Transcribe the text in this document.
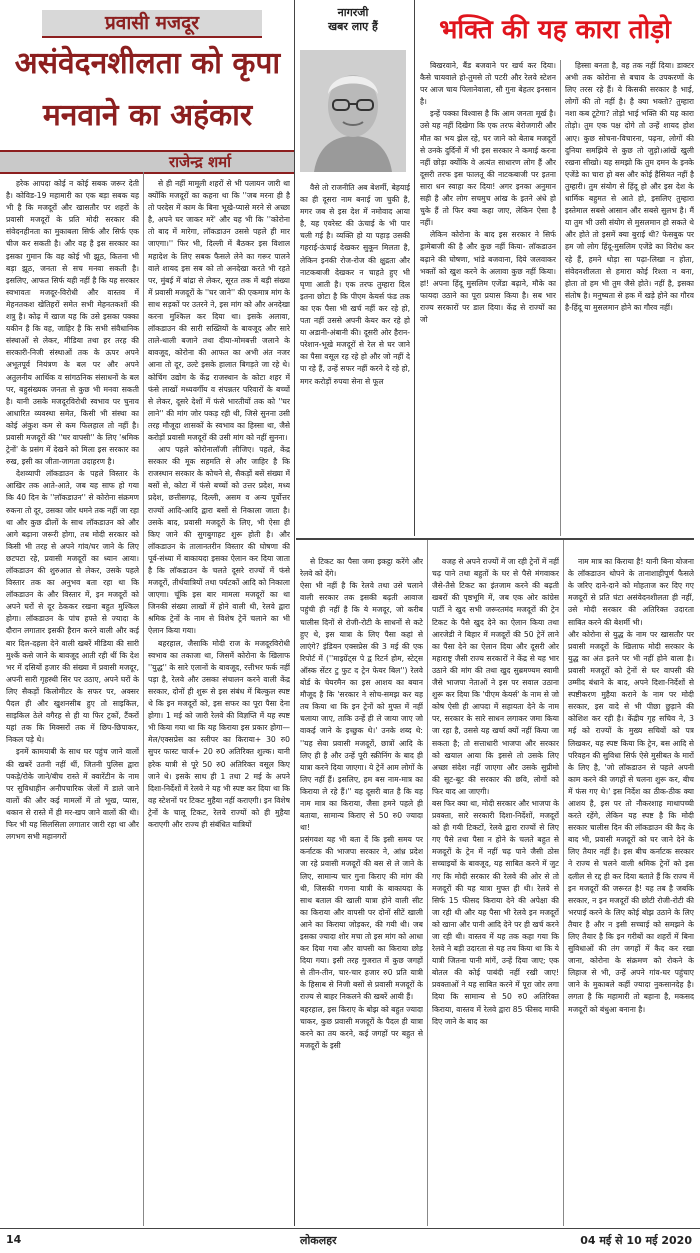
प्रवासी मजदूर
असंवेदनशीलता को कृपा
मनवाने का अहंकार
राजेन्द्र शर्मा
नागरजी
खबर लाए हैं	भक्ति की यह कारा तोड़ो

हरेक आपदा कोई न कोई सबक जरूर देती है। कोविड-19 महामारी का एक बड़ा सबक यह भी है कि मजदूरों और खासतौर पर शहरों के प्रवासी मजदूरों के प्रति मोदी सरकार की संवेदनहीनता का मुकाबला सिर्फ और सिर्फ एक चीज कर सकती है। और वह है इस सरकार का इसका गुमान कि वह कोई भी झूठ, कितना भी बड़ा झूठ, जनता से सच मनवा सकती है। इसलिए, आफत सिर्फ यही नहीं है कि यह सरकार स्वभावतः मजदूर-विरोधी और वास्तव में मेहनतकश खेतिहरों समेत सभी मेहनतकशों की शत्रु है। कोढ़ में खाज यह कि उसे इसका पक्का यकीन है कि वह, जाहिर है कि सभी संवैधानिक संस्थाओं से लेकर, मीडिया तथा हर तरह की सरकारी-निजी संस्थाओं तक के ऊपर अपने अभूतपूर्व नियंत्रण के बल पर और अपने अतुलनीय आर्थिक व सांगठनिक संसाधनों के बल पर, बहुसंख्यक जनता से कुछ भी मनवा सकती है। यानी उसके मजदूरविरोधी स्वभाव पर चुनाव आधारित व्यवस्था समेत, किसी भी संस्था का कोई अंकुश कम से कम फिलहाल तो नहीं है। प्रवासी मजदूरों की ''घर वापसी'' के लिए 'श्रमिक ट्रेनों' के प्रसंग में देखने को मिला इस सरकार का रुख, इसी का जीता-जागता उदाहरण है।

देशव्यापी लॉकडाउन के पहले विस्तार के आखिर तक आते-आते, जब यह साफ हो गया कि 40 दिन के ''लॉकडाउन'' से कोरोना संक्रमण रुकना तो दूर, उसका जोर थमने तक नहीं जा रहा था और कुछ ढीलों के साथ लॉकडाउन को और आगे बढ़ाना जरूरी होगा, तब मोदी सरकार को किसी भी तरह से अपने गांव/घर जाने के लिए छटपटा रहे, प्रवासी मजदूरों का ध्यान आया। लॉकडाउन की शुरुआत से लेकर, उसके पहले विस्तार तक का अनुभव बता रहा था कि लॉकडाउन के और विस्तार में, इन मजदूरों को अपने घरों से दूर ठेककर रखना बहुत मुश्किल होगा। लॉकडाउन के पांच हफ्ते से ज्यादा के दौरान लगातार इसकी हैरान करने वाली और कई बार दिल-दहला देने वाली खबरें मीडिया की सारी मुश्कें कसे जाने के बावजूद आती रही थीं कि देश भर में दसियों हजार की संख्या में प्रवासी मजदूर, अपनी सारी गृहस्थी सिर पर उठाए, अपने घरों के लिए सैकड़ों किलोमीटर के सफर पर, अक्सर पैदल ही और खुशनसीब हुए तो साइकिल, साइकिल ठेले वगैरह से ही या फिर ट्रकों, टैंकरों यहां तक कि मिक्सरों तक में छिप-छिपाकर, निकल पड़े थे।

इनमें कामयाबी के साथ घर पहुंच जाने वालों की खबरें उतनी नहीं थीं, जितनी पुलिस द्वारा पकड़े/रोके जाने/बीच रास्ते में क्वारेंटीन के नाम पर सुविधाहीन अनौपचारिक जेलों में डाले जाने वालों की और कई मामलों में तो भूख, प्यास, थकान से रास्ते में ही मर-खप जाने वालों की थी। फिर भी यह सिलसिला लगातार जारी रहा था और लगभग सभी महानगरों

से ही नहीं मामूली शहरों से भी पलायन जारी था क्योंकि मजदूरों का कहना था कि ''जब मरना ही है तो परदेस में काम के बिना भूखे-प्यासे मरने से अच्छा है, अपने घर जाकर मरें' और यह भी कि ''कोरोना तो बाद में मारेगा, लॉकडाउन उससे पहले ही मार जाएगा।'' फिर भी, दिल्ली में बैठकर इस विशाल महादेश के लिए सबक फैसले लेने का गरूर पालने वाले शायद इस सब को तो अनदेखा करते भी रहते पर, मुंबई में बांद्रा से लेकर, सूरत तक में बड़ी संख्या में प्रवासी मजदूरों के ''घर जाने'' की एकमात्र मांग के साथ सड़कों पर उतरने ने, इस मांग को और अनदेखा करना मुश्किल कर दिया था। इसके अलावा, लॉकडाउन की सारी सख्तियों के बावजूद और सारे ताले-थाली बजाने तथा दीया-मोमबत्ती जलाने के बावजूद, कोरोना की आफत का अभी अंत नजर आना तो दूर, उल्टे इसके हालात बिगड़ते जा रहे थे। कोचिंग उद्योग के केंद्र राजस्थान के कोटा शहर में फंसे लाखों मध्यवर्गीय व संपन्नतर परिवारों के बच्चों से लेकर, दूसरे देशों में फंसे भारतीयों तक को ''घर लाने'' की मांग जोर पकड़ रही थी, जिसे सुनना उसी तरह मौजूदा शासकों के स्वभाव का हिस्सा था, जैसे करोड़ों प्रवासी मजदूरों की उसी मांग को नहीं सुनना।

आप पहले कोरोनालॉजी लीजिए। पहले, केंद्र सरकार की मूक सहमति से और जाहिर है कि राजस्थान सरकार के कोचने से, सैकड़ों बसें संख्या में बसों से, कोटा में फंसे बच्चों को उत्तर प्रदेश, मध्य प्रदेश, छत्तीसगढ़, दिल्ली, असम व अन्य पूर्वोत्तर राज्यों आदि-आदि द्वारा बसों से निकाला जाता है। उसके बाद, प्रवासी मजदूरों के लिए, भी ऐसा ही किए जाने की सुगबुगाहट शुरू होती है। और लॉकडाउन के तालानतरीन विस्तार की घोषणा की पूर्व-संध्या में बाकायदा इसका ऐलान कर दिया जाता है कि लॉकडाउन के चलते दूसरे राज्यों में फंसे मजदूरों, तीर्थयात्रियों तथा पर्यटकों आदि को निकाला जाएगा। चूंकि इस बार मामला मजदूरों का था जिनकी संख्या लाखों में होने वाली थी, रेलवे द्वारा श्रमिक ट्रेनों के नाम से विशेष ट्रेनें चलाने का भी ऐलान किया गया।

बहरहाल, जैसाकि मोदी राज के मजदूरविरोधी स्वभाव का तकाजा था, जिसमें कोरोना के खिलाफ ''युद्ध'' के सारे एलानों के बावजूद, रत्तीभर फर्क नहीं पड़ा है, रेलवे और उसका संचालन करने वाली केंद्र सरकार, दोनों ही शुरू से इस संबंध में बिल्कुल स्पष्ट थे कि इन मजदूरों को, इस सफर का पूरा पैसा देना होगा। 1 मई को जारी रेलवे की विज्ञप्ति में यह स्पष्ट भी किया गया था कि यह किराया इस प्रकार होगा—मेल/एक्सप्रेस का स्लीपर का किराया+ 30 रु0 सुपर फास्ट चार्ज+ 20 रु0 अतिरिक्त शुल्क। यानी हरेक यात्री से पूरे 50 रु0 अतिरिक्त वसूल किए जाने थे। इसके साथ ही 1 तथा 2 मई के अपने दिशा-निर्देशों में रेलवे ने यह भी स्पष्ट कर दिया था कि वह स्टेशनों पर टिकट मुहैया नहीं कराएगी। इन विशेष ट्रेनों के चालू टिकट, रेलवे राज्यों को ही मुहैया कराएगी और राज्य ही संबंधित यात्रियों

वैसे तो राजनीति अब बेशर्मी, बेहयाई का ही दूसरा नाम बनाई जा चुकी है, मगर जब से इस देश में नमोवाद आया है, यह एवरेस्ट की ऊंचाई के भी पार चली गई है। व्यक्ति हो या पहाड़ उसकी गहराई-ऊंचाई देखकर सुकून मिलता है, लेकिन इनकी रोज-रोज की क्षुद्रता और नाटकबाजी देखकर न चाहते हुए भी घृणा आती है। एक तरफ तुम्हारा दिल इतना छोटा है कि पीएम केयर्स फंड तक का एक पैसा भी खर्च नहीं कर रहे हो, पता नहीं उससे अपनी केयर कर रहे हो या अडानी-अंबानी की। दूसरी ओर हैरान-परेशान-भूखे मजदूरों से रेल से घर जाने का पैसा वसूल रह रहे हो और जो नहीं दे पा रहे हैं, उन्हें सफर नहीं करने दे रहे हो, मगर करोड़ों रुपया सेना से फूल

बिखरवाने, बैंड बजवाने पर खर्च कर दिया। कैसे चायवाले हो-तुमसे तो पटरी और रेलवे स्टेशन पर आज चाय पिलानेवाला, सौ गुना बेहतर इनसान है।

इन्हें पक्का विश्वास है कि आम जनता मूर्ख है। उसे यह नहीं दिखेगा कि एक तरफ बेरोजगारी और मौत का भय झेल रहे, घर जाने को बेताब मजदूरों से उनके दुर्दिनों में भी इस सरकार ने कमाई करना नहीं छोड़ा क्योंकि वे अत्यंत साधारण लोग हैं और दूसरी तरफ इस फालतू की नाटकबाजी पर इतना सारा धन स्वाहा कर दिया! अगर इनका अनुमान सही है और लोग सचमुच आंख के इतने अंधे हो चुके हैं तो फिर क्या कहा जाए, लेकिन ऐसा है नहीं।

लेकिन कोरोना के बाद इस सरकार ने सिर्फ ड्रामेबाजी की है और कुछ नहीं किया- लॉकडाउन बढ़ाने की घोषणा, भांडे बजवाना, दिये जलवाकर भक्तों को खुश करने के अलावा कुछ नहीं किया। हां! अपना हिंदू मुसलिम एजेंडा बढ़ाने, मौके का फायदा उठाने का पूरा प्रयास किया है। सब भार राज्य सरकारों पर डाल दिया। केंद्र से राज्यों का जो

हिस्सा बनता है, वह तक नहीं दिया। डाक्टर अभी तक कोरोना से बचाव के उपकरणों के लिए तरस रहे हैं। ये किसकी सरकार है भाई, लोगों की तो नहीं है। है क्या भक्तो? तुम्हारा नशा कब टूटेगा? तोड़ो भाई भक्ति की यह कारा तोड़ो। तुम एक पक्ष दोगे तो उन्हें शायद होश आए। कुछ सोचना-विचारना, पढ़ना, लोगों की दुनिया समझिये से कुछ तो जुड़ो।आंखें खुली रखना सीखो। यह समझो कि तुम दमन के इनके एजेंडे का चारा हो बस और कोई हैसियत नहीं है तुम्हारी। तुम संयोग से हिंदू हो और इस देश के धार्मिक बहुमत से आते हो, इसलिए तुम्हारा इस्तेमाल सबसे आसान और सबसे सुलभ है। मैं या तुम भी उसी संयोग से मुसलमान हो सकते थे और होते तो इसमें क्या बुराई थी? फेसबुक पर हम जो लोग हिंदू-मुसलिम एजेंडे का विरोध कर रहे हैं, हमने थोड़ा सा पढ़ा-लिखा न होता, संवेदनशीलता से हमारा कोई रिश्ता न बना, होता तो हम भी तुम जैसे होते। नहीं है, इसका संतोष है। मनुष्यता से हक में खड़े होने का गौरव है-हिंदू या मुसलमान होने का गौरव नहीं।

से टिकट का पैसा जमा इकट्ठा करेंगे और रेलवे को देंगे।
ऐसा भी नहीं है कि रेलवे तथा उसे चलाने वाली सरकार तक इसकी बढ़ती आवाज पहुंची ही नहीं है कि ये मजदूर, जो करीब चालीस दिनों से रोजी-रोटी के साधनों से कटे हुए थे, इस यात्रा के लिए पैसा कहां से लाएंगे? इंडियन एक्सप्रेस की 3 मई की एक रिपोर्ट में (''माइग्रेंट्स पे द्व रिटर्न होम, स्टेट्स ऑस्क सेंटर टु फुट द ट्रेन फेयर बिल'') रेलवे बोर्ड के चेयरमैन का इस आशय का बयान मौजूद है कि 'सरकार ने सोच-समझ कर यह तय किया था कि इन ट्रेनों को मुफ्त में नहीं चलाया जाए, ताकि उन्हें ही ले जाया जाए जो वाकई जाने के इच्छुक थे।' उनके शब्द थे: ''यह सेवा प्रवासी मजदूरों, छात्रों आदि के लिए ही है और उन्हें पूरी स्क्रीनिंग के बाद ही यात्रा करने दिया जाएगा। ये ट्रेनें आम लोगों के लिए नहीं हैं। इसलिए, हम बस नाम-मात्र का किराया ले रहे हैं।'' यह दूसरी बात है कि यह नाम मात्र का किराया, जैसा हमने पहले ही बताया, सामान्य किराए से 50 रु0 ज्यादा था!
प्रसंगवश यह भी बता दें कि इसी समय पर कर्नाटक की भाजपा सरकार ने, आंध्र प्रदेश जा रहे प्रवासी मजदूरों की बस से ले जाने के लिए, सामान्य चार गुना किराए की मांग की थी, जिसकी गणना यात्री के बाकायदा के साथ बताल की खाली यात्रा होने वाली सीट का किराया और वापसी पर दोनों सीटें खाली आने का किराया जोड़कर, की गयी थी। जब इसका ज्यादा शोर मचा तो इस मांग को आधा कर दिया गया और वापसी का किराया छोड़ दिया गया। इसी तरह गुजरात में कुछ जगहों से तीन-तीन, चार-चार हजार रु0 प्रति यात्री के हिसाब से निजी बसों से प्रवासी मजदूरों के राज्य से बाहर निकलने की खबरें आयी हैं।
बहरहाल, इस किराए के बोझ को बहुत ज्यादा चाकर, कुछ प्रवासी मजदूरों के पैदल ही यात्रा करने का तय करने, कई जगहों पर बहुत से मजदूरों के इसी

वजह से अपने राज्यों में जा रही ट्रेनों में नहीं चढ़ पाने तथा बहुतों के घर से पैसे मंगवाकर जैसे-तैसे टिकट का इंतजाम करने की बढ़ती खबरों की पृष्ठभूमि में, जब एक ओर कांग्रेस पार्टी ने खुद सभी जरूरतमंद मजदूरों की ट्रेन टिकट के पैसे खुद देने का ऐलान किया तथा आरजेडी ने बिहार में मजदूरों की 50 ट्रेनें लाने का पैसा देने का ऐलान दिया और दूसरी ओर महाराष्ट्र जैसी राज्य सरकारों ने केंद्र से यह भार उठाने की मांग की तथा खुद सुब्रमण्यम स्वामी जैसे भाजपा नेताओं ने इस पर सवाल उठाना शुरू कर दिया कि 'पीएम केयर्स' के नाम से जो कोष ऐसी ही आपदा में सहायता देने के नाम पर, सरकार के सारे साधन लगाकर जमा किया जा रहा है, उससे यह खर्चा क्यों नहीं किया जा सकता है; तो सत्ताधारी भाजपा और सरकार को खयाल आया कि इससे तो उसके लिए अच्छा संदेश नहीं जाएगा और उसके सुप्रीमो की सूट-बूट की सरकार की छवि, लोगों को फिर याद आ जाएगी।
बस फिर क्या था, मोदी सरकार और भाजपा के प्रवक्ता, सारे सरकारी दिशा-निर्देशों, मजदूरों को ही गयी टिकटों, रेलवे द्वारा राज्यों से लिए गए पैसे तथा पैसा न होने के चलते बहुत से मजदूरों के ट्रेन में नहीं चढ़ पाने जैसी ठोस सच्चाइयों के बावजूद, यह साबित करने में जुट गए कि मोदी सरकार की रेलवे की ओर से तो मजदूरों की यह यात्रा मुफ्त ही थी। रेलवे से सिर्फ 15 फीसद किराया देने की अपेक्षा की जा रही थी और यह पैसा भी रेलवे इन मजदूरों को खाना और पानी आदि देने पर ही खर्च करने जा रही थी। वास्तव में यह तक कहा गया कि रेलवे ने बड़ी उदारता से यह तय किया था कि ये यात्री जितना पानी मांगें, उन्हें दिया जाए; एक बोतल की कोई पाबंदी नहीं रखी जाए! प्रवक्ताओं ने यह साबित करने में पूरा जोर लगा दिया कि सामान्य से 50 रु0 अतिरिक्त किराया, वास्तव में रेलवे द्वारा 85 फीसद माफी दिए जाने के बाद का

नाम मात्र का किराया है! यानी बिना योजना के लॉकडाउन थोपने के तानाशाहीपूर्ण फैसले के जरिए दाने-दाने को मोहताज कर दिए गए मजदूरों से प्रति घंटा असंवेदनशीलता ही नहीं, उसे मोदी सरकार की अतिरिक्त उदारता साबित करने की बेशर्मी भी।
और कोरोना से युद्ध के नाम पर खासतौर पर प्रवासी मजदूरों के खिलाफ मोदी सरकार के युद्ध का अंत इतने पर भी नहीं होने वाला है। प्रवासी मजदूरों को ट्रेनों से घर वापसी की उम्मीद बंधाने के बाद, अपने दिशा-निर्देशों से स्पष्टीकरण मुहैया कराने के नाम पर मोदी सरकार, इस वादे से भी पीछा छुड़ाने की कोशिश कर रही है। केंद्रीय गृह सचिव ने, 3 मई को राज्यों के मुख्य सचिवों को पत्र लिखकर, यह स्पष्ट किया कि ट्रेन, बस आदि से परिवहन की सुविधा सिर्फ ऐसे मुसीबत के मारों के लिए है, 'जो लॉकडाउन से पहले अपनी काम करने की जगहों से चलना शुरू कर, बीच में फंस गए थे।' इस निर्देश का ठीक-ठीक क्या आशय है, इस पर तो नौकरशाह माथापच्ची करते रहेंगे, लेकिन यह स्पष्ट है कि मोदी सरकार चालीस दिन की लॉकडाउन की कैद के बाद भी, प्रवासी मजदूरों को घर जाने देने के लिए तैयार नहीं है। इस बीच कर्नाटक सरकार ने राज्य से चलने वाली श्रमिक ट्रेनों को इस दलील से रद्द ही कर दिया बताते हैं कि राज्य में इन मजदूरों की जरूरत है! यह तब है जबकि सरकार, न इन मजदूरों की छोटी रोजी-रोटी की भरपाई करने के लिए कोई बोझ उठाने के लिए तैयार है और न इसी सच्चाई को समझने के लिए तैयार है कि इन गरीबों का शहरों में बिना सुविधाओं की तंग जगहों में कैद कर रखा जाना, कोरोना के संक्रमण को रोकने के लिहाज से भी, उन्हें अपने गांव-घर पहुंचाए जाने के मुकाबले कहीं ज्यादा नुकसानदेह है। लगता है कि महामारी तो बहाना है, मकसद मजदूरों को बंधुआ बनाना है।

14	लोकलहर	04 मई से 10 मई 2020
